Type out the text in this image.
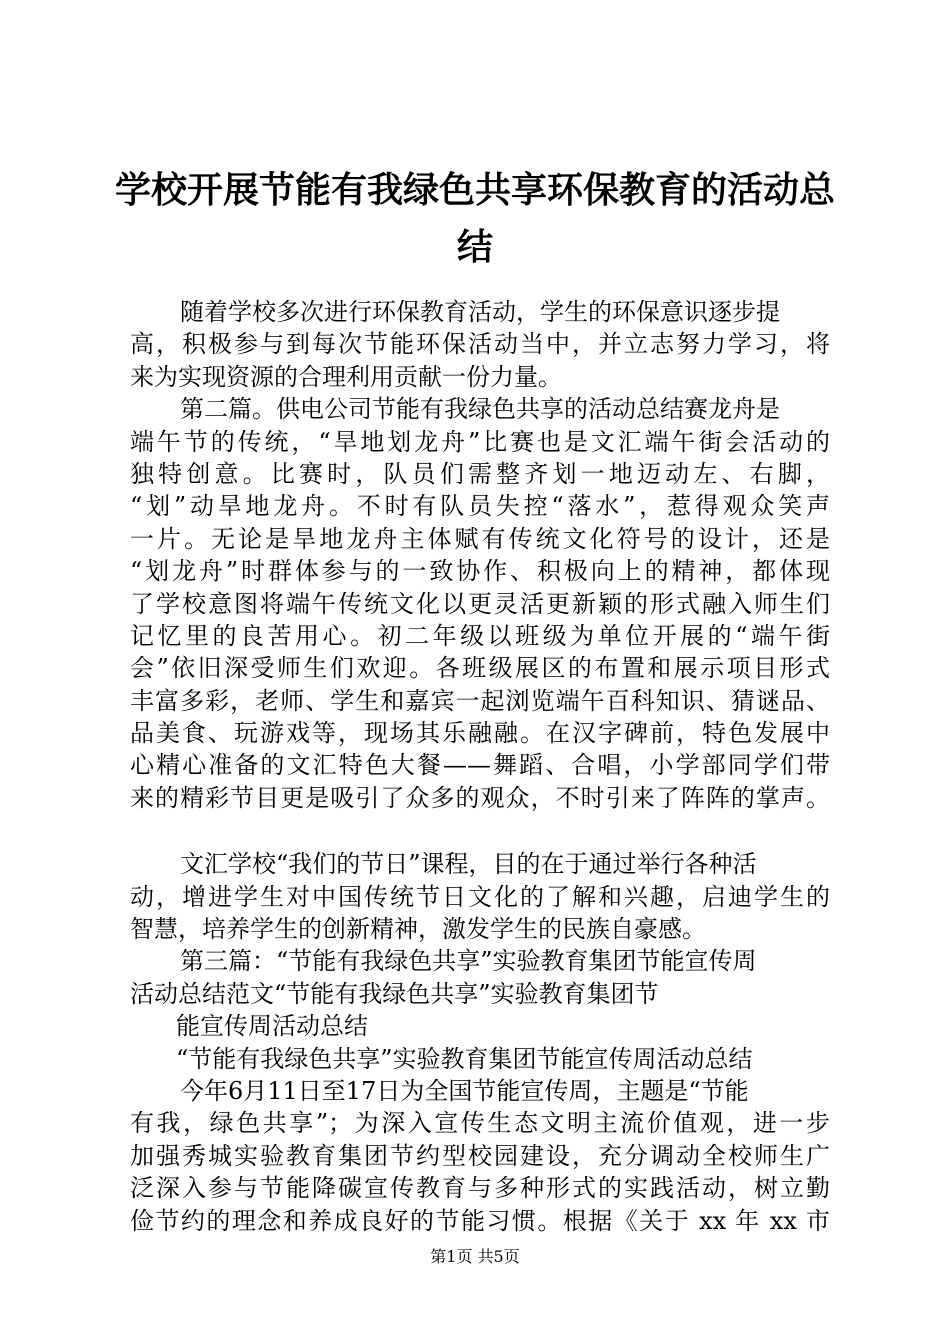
学校开展节能有我绿色共享环保教育的活动总
结
随着学校多次进行环保教育活动，学生的环保意识逐步提
高，积极参与到每次节能环保活动当中，并立志努力学习，将
来为实现资源的合理利用贡献一份力量。
第二篇。供电公司节能有我绿色共享的活动总结赛龙舟是
端午节的传统，“旱地划龙舟”比赛也是文汇端午街会活动的
独特创意。比赛时，队员们需整齐划一地迈动左、右脚，
“划”动旱地龙舟。不时有队员失控“落水”，惹得观众笑声
一片。无论是旱地龙舟主体赋有传统文化符号的设计，还是
“划龙舟”时群体参与的一致协作、积极向上的精神，都体现
了学校意图将端午传统文化以更灵活更新颖的形式融入师生们
记忆里的良苦用心。初二年级以班级为单位开展的“端午街
会”依旧深受师生们欢迎。各班级展区的布置和展示项目形式
丰富多彩，老师、学生和嘉宾一起浏览端午百科知识、猜谜品、
品美食、玩游戏等，现场其乐融融。在汉字碑前，特色发展中
心精心准备的文汇特色大餐——舞蹈、合唱，小学部同学们带
来的精彩节目更是吸引了众多的观众，不时引来了阵阵的掌声。
文汇学校“我们的节日”课程，目的在于通过举行各种活
动，增进学生对中国传统节日文化的了解和兴趣，启迪学生的
智慧，培养学生的创新精神，激发学生的民族自豪感。
第三篇：“节能有我绿色共享”实验教育集团节能宣传周
活动总结范文“节能有我绿色共享”实验教育集团节
能宣传周活动总结
“节能有我绿色共享”实验教育集团节能宣传周活动总结
今年6月11日至17日为全国节能宣传周，主题是“节能
有我，绿色共享”；为深入宣传生态文明主流价值观，进一步
加强秀城实验教育集团节约型校园建设，充分调动全校师生广
泛深入参与节能降碳宣传教育与多种形式的实践活动，树立勤
俭节约的理念和养成良好的节能习惯。根据《关于 xx 年 xx 市
第1页 共5页
